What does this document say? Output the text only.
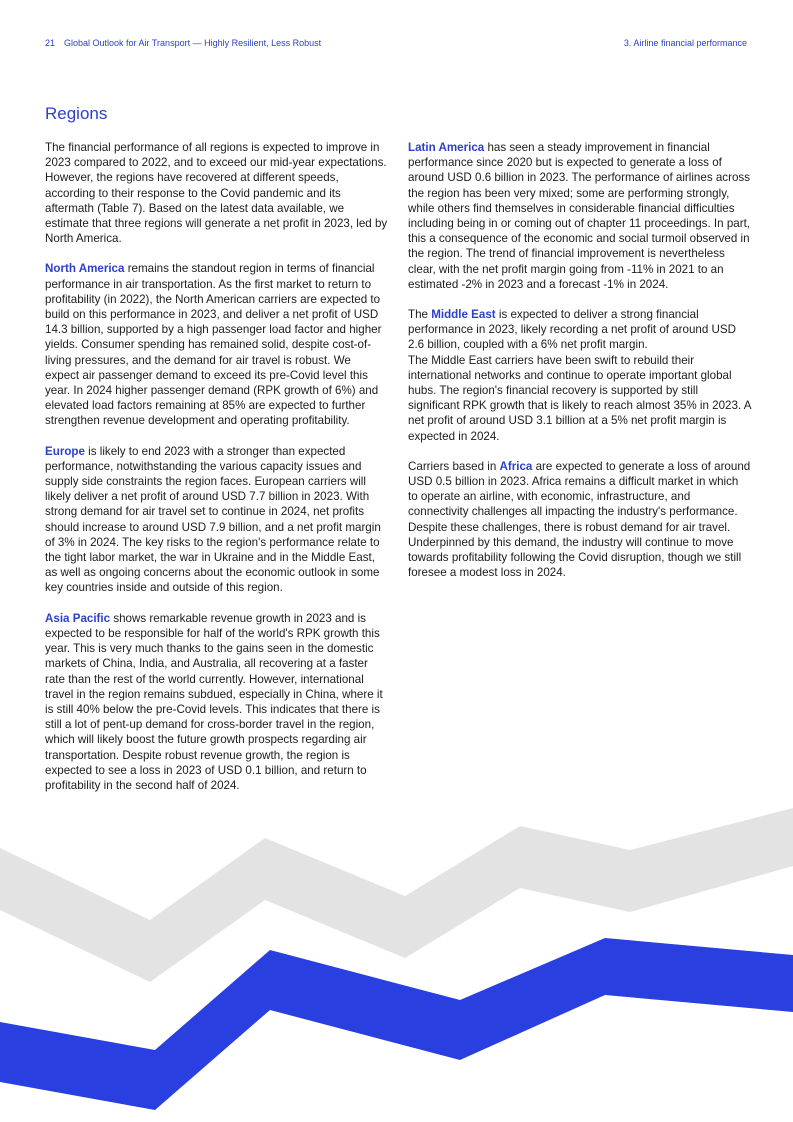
21 Global Outlook for Air Transport — Highly Resilient, Less Robust	3. Airline financial performance
Regions

The financial performance of all regions is expected to improve in 2023 compared to 2022, and to exceed our mid-year expectations. However, the regions have recovered at different speeds, according to their response to the Covid pandemic and its aftermath (Table 7). Based on the latest data available, we estimate that three regions will generate a net profit in 2023, led by North America.

North America remains the standout region in terms of financial performance in air transportation. As the first market to return to profitability (in 2022), the North American carriers are expected to build on this performance in 2023, and deliver a net profit of USD 14.3 billion, supported by a high passenger load factor and higher yields. Consumer spending has remained solid, despite cost-of-living pressures, and the demand for air travel is robust. We expect air passenger demand to exceed its pre-Covid level this year. In 2024 higher passenger demand (RPK growth of 6%) and elevated load factors remaining at 85% are expected to further strengthen revenue development and operating profitability.

Europe is likely to end 2023 with a stronger than expected performance, notwithstanding the various capacity issues and supply side constraints the region faces. European carriers will likely deliver a net profit of around USD 7.7 billion in 2023. With strong demand for air travel set to continue in 2024, net profits should increase to around USD 7.9 billion, and a net profit margin of 3% in 2024. The key risks to the region's performance relate to the tight labor market, the war in Ukraine and in the Middle East, as well as ongoing concerns about the economic outlook in some key countries inside and outside of this region.

Asia Pacific shows remarkable revenue growth in 2023 and is expected to be responsible for half of the world's RPK growth this year. This is very much thanks to the gains seen in the domestic markets of China, India, and Australia, all recovering at a faster rate than the rest of the world currently. However, international travel in the region remains subdued, especially in China, where it is still 40% below the pre-Covid levels. This indicates that there is still a lot of pent-up demand for cross-border travel in the region, which will likely boost the future growth prospects regarding air transportation. Despite robust revenue growth, the region is expected to see a loss in 2023 of USD 0.1 billion, and return to profitability in the second half of 2024.

Latin America has seen a steady improvement in financial performance since 2020 but is expected to generate a loss of around USD 0.6 billion in 2023. The performance of airlines across the region has been very mixed; some are performing strongly, while others find themselves in considerable financial difficulties including being in or coming out of chapter 11 proceedings. In part, this a consequence of the economic and social turmoil observed in the region. The trend of financial improvement is nevertheless clear, with the net profit margin going from -11% in 2021 to an estimated -2% in 2023 and a forecast -1% in 2024.

The Middle East is expected to deliver a strong financial performance in 2023, likely recording a net profit of around USD 2.6 billion, coupled with a 6% net profit margin.
The Middle East carriers have been swift to rebuild their international networks and continue to operate important global hubs. The region's financial recovery is supported by still significant RPK growth that is likely to reach almost 35% in 2023. A net profit of around USD 3.1 billion at a 5% net profit margin is expected in 2024.

Carriers based in Africa are expected to generate a loss of around USD 0.5 billion in 2023. Africa remains a difficult market in which to operate an airline, with economic, infrastructure, and connectivity challenges all impacting the industry's performance. Despite these challenges, there is robust demand for air travel. Underpinned by this demand, the industry will continue to move towards profitability following the Covid disruption, though we still foresee a modest loss in 2024.

六度跨境
